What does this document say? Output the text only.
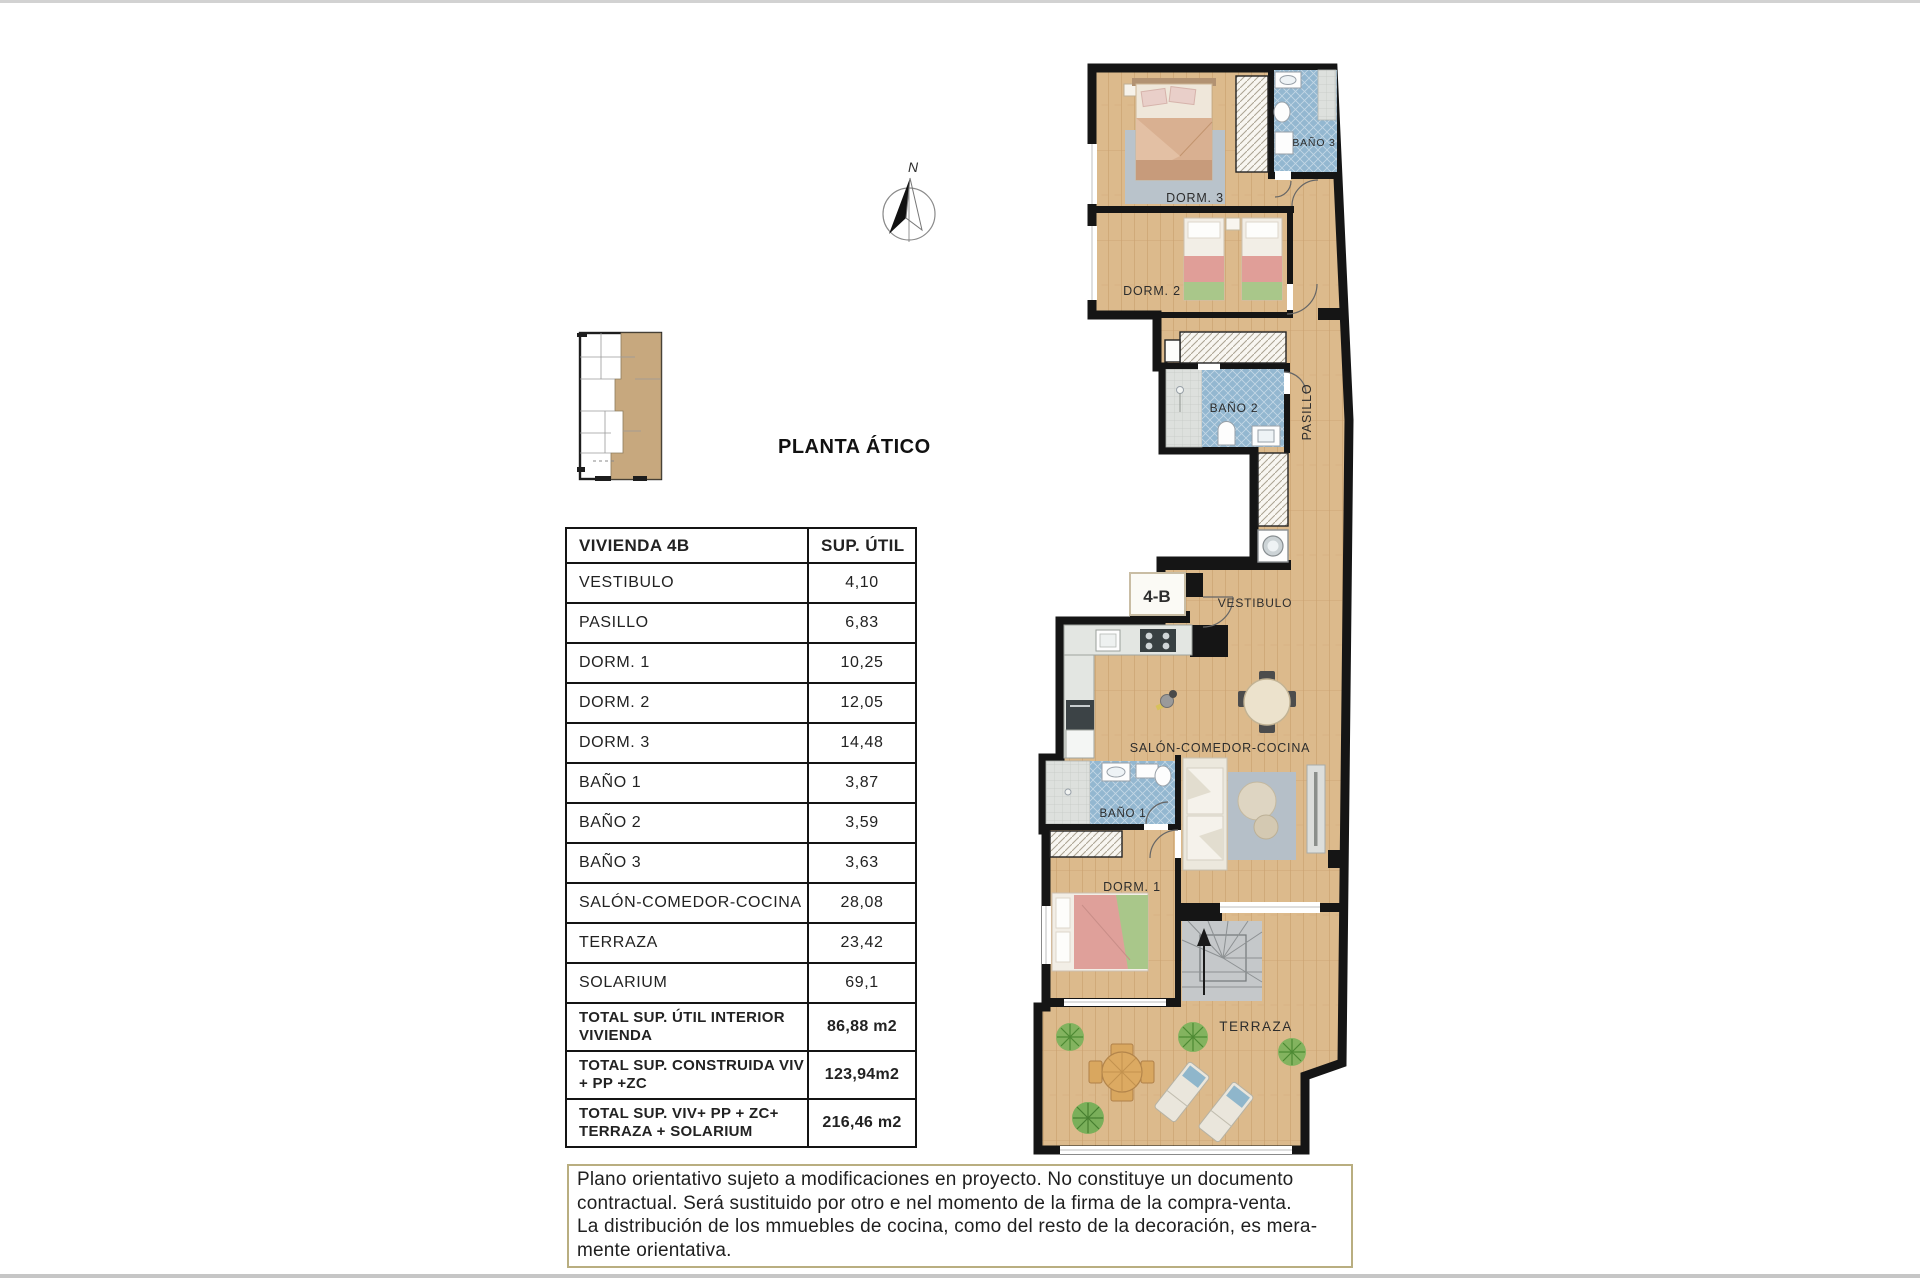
PLANTA ÁTICO
N
VIVIENDA 4B	SUP. ÚTIL
VESTIBULO	4,10
PASILLO	6,83
DORM. 1	10,25
DORM. 2	12,05
DORM. 3	14,48
BAÑO 1	3,87
BAÑO 2	3,59
BAÑO 3	3,63
SALÓN-COMEDOR-COCINA	28,08
TERRAZA	23,42
SOLARIUM	69,1
TOTAL SUP. ÚTIL INTERIOR VIVIENDA	86,88 m2
TOTAL SUP. CONSTRUIDA VIV + PP +ZC	123,94m2
TOTAL SUP. VIV+ PP + ZC+ TERRAZA + SOLARIUM	216,46 m2
4-B
DORM. 3
BAÑO 3
DORM. 2
BAÑO 2	PASILLO
VESTIBULO
SALÓN-COMEDOR-COCINA
BAÑO 1
DORM. 1
TERRAZA
Plano orientativo sujeto a modificaciones en proyecto. No constituye un documento
contractual. Será sustituido por otro e nel momento de la firma de la compra-venta.
La distribución de los mmuebles de cocina, como del resto de la decoración, es mera-
mente orientativa.
